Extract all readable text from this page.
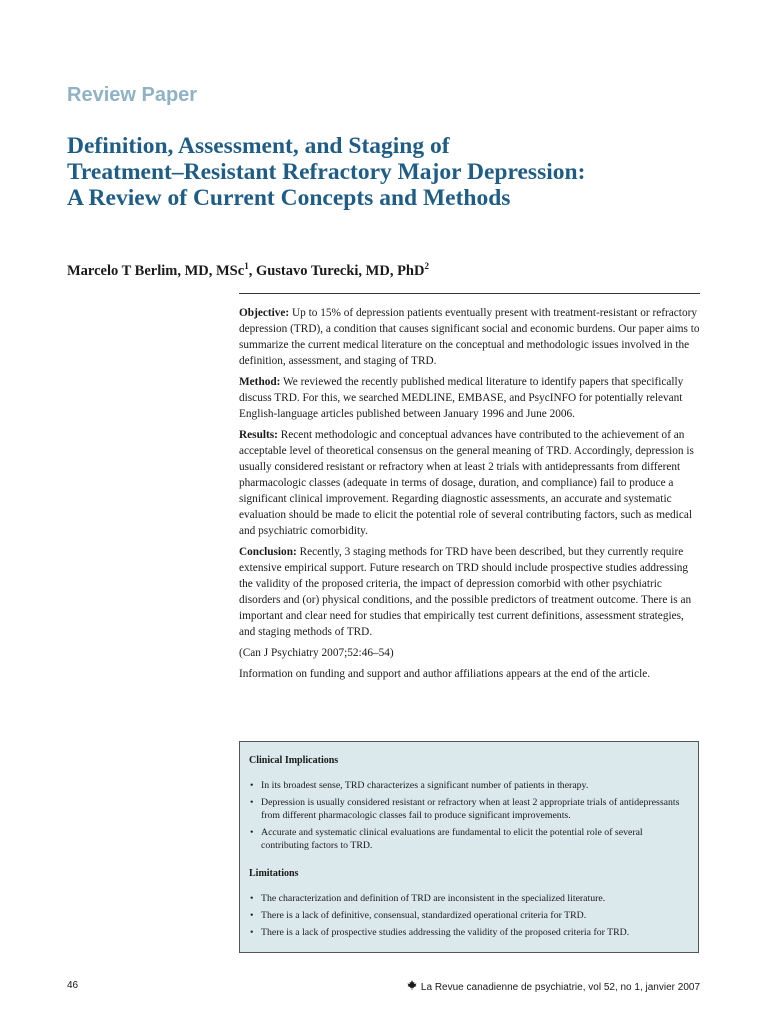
Review Paper
Definition, Assessment, and Staging of
Treatment–Resistant Refractory Major Depression:
A Review of Current Concepts and Methods
Marcelo T Berlim, MD, MSc$^1$, Gustavo Turecki, MD, PhD$^2$

Objective: Up to 15% of depression patients eventually present with treatment-resistant or refractory depression (TRD), a condition that causes significant social and economic burdens. Our paper aims to summarize the current medical literature on the conceptual and methodologic issues involved in the definition, assessment, and staging of TRD.

Method: We reviewed the recently published medical literature to identify papers that specifically discuss TRD. For this, we searched MEDLINE, EMBASE, and PsycINFO for potentially relevant English-language articles published between January 1996 and June 2006.

Results: Recent methodologic and conceptual advances have contributed to the achievement of an acceptable level of theoretical consensus on the general meaning of TRD. Accordingly, depression is usually considered resistant or refractory when at least 2 trials with antidepressants from different pharmacologic classes (adequate in terms of dosage, duration, and compliance) fail to produce a significant clinical improvement. Regarding diagnostic assessments, an accurate and systematic evaluation should be made to elicit the potential role of several contributing factors, such as medical and psychiatric comorbidity.

Conclusion: Recently, 3 staging methods for TRD have been described, but they currently require extensive empirical support. Future research on TRD should include prospective studies addressing the validity of the proposed criteria, the impact of depression comorbid with other psychiatric disorders and (or) physical conditions, and the possible predictors of treatment outcome. There is an important and clear need for studies that empirically test current definitions, assessment strategies, and staging methods of TRD.

(Can J Psychiatry 2007;52:46–54)

Information on funding and support and author affiliations appears at the end of the article.

Clinical Implications
• In its broadest sense, TRD characterizes a significant number of patients in therapy.
• Depression is usually considered resistant or refractory when at least 2 appropriate trials of antidepressants from different pharmacologic classes fail to produce significant improvements.
• Accurate and systematic clinical evaluations are fundamental to elicit the potential role of several contributing factors to TRD.
Limitations
• The characterization and definition of TRD are inconsistent in the specialized literature.
• There is a lack of definitive, consensual, standardized operational criteria for TRD.
• There is a lack of prospective studies addressing the validity of the proposed criteria for TRD.
46	La Revue canadienne de psychiatrie, vol 52, no 1, janvier 2007
